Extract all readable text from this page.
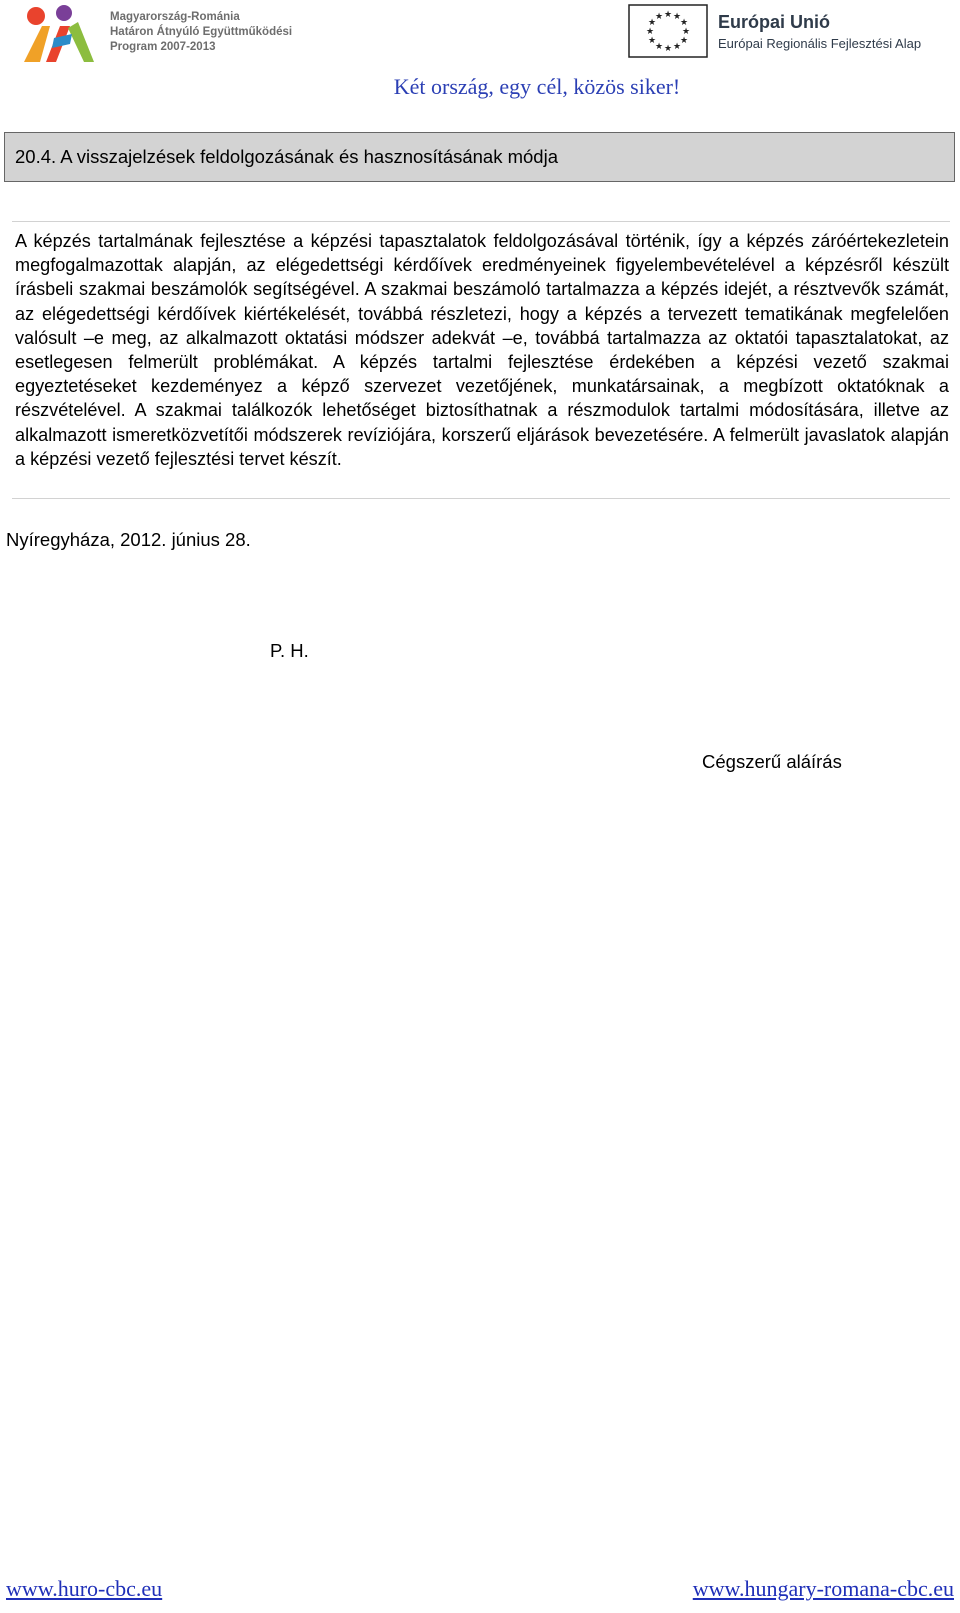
Magyarország-Románia
Határon Átnyúló Együttműködési
Program 2007-2013
★ ★
★
★
★
★
★
★
★
★
★
★	Európai Unió
Európai Regionális Fejlesztési Alap
Két ország, egy cél, közös siker!
20.4. A visszajelzések feldolgozásának és hasznosításának módja
A képzés tartalmának fejlesztése a képzési tapasztalatok feldolgozásával történik, így a képzés záróértekezletein megfogalmazottak alapján, az elégedettségi kérdőívek eredményeinek figyelembevételével a képzésről készült írásbeli szakmai beszámolók segítségével. A szakmai beszámoló tartalmazza a képzés idejét, a résztvevők számát, az elégedettségi kérdőívek kiértékelését, továbbá részletezi, hogy a képzés a tervezett tematikának megfelelően valósult –e meg, az alkalmazott oktatási módszer adekvát –e, továbbá tartalmazza az oktatói tapasztalatokat, az esetlegesen felmerült problémákat. A képzés tartalmi fejlesztése érdekében a képzési vezető szakmai egyeztetéseket kezdeményez a képző szervezet vezetőjének, munkatársainak, a megbízott oktatóknak a részvételével. A szakmai találkozók lehetőséget biztosíthatnak a részmodulok tartalmi módosítására, illetve az alkalmazott ismeretközvetítői módszerek revíziójára, korszerű eljárások bevezetésére. A felmerült javaslatok alapján a képzési vezető fejlesztési tervet készít.
Nyíregyháza, 2012. június 28.
P. H.
Cégszerű aláírás
www.huro-cbc.eu	www.hungary-romana-cbc.eu
